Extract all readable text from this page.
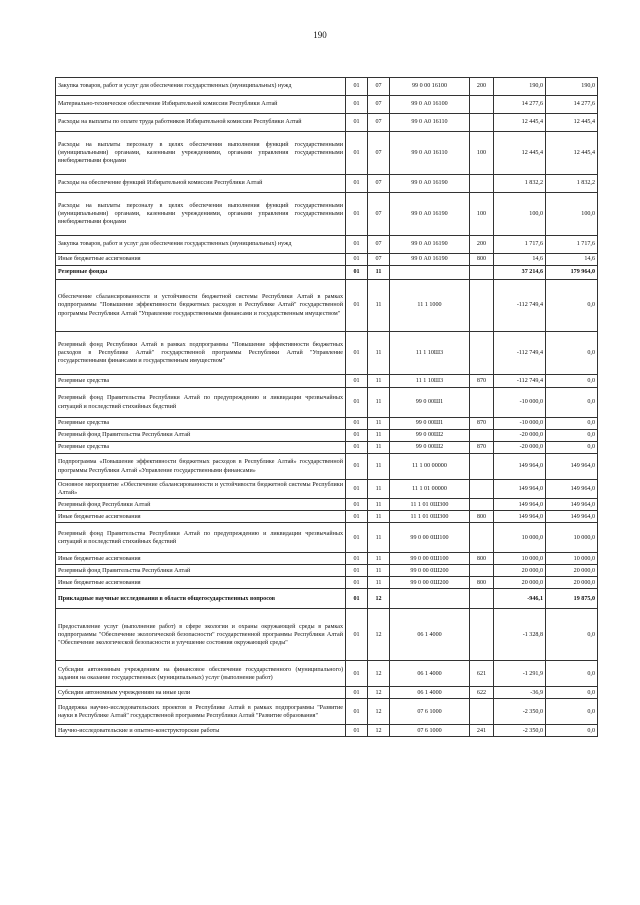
190
Закупка товаров, работ и услуг для обеспечения государственных (муниципальных) нужд	01	07	99 0 00 16100	200	190,0	190,0
Материально-техническое обеспечение Избирательной комиссии Республики Алтай	01	07	99 0 А0 16100		14 277,6	14 277,6
Расходы на выплаты по оплате труда работников Избирательной комиссии Республики Алтай	01	07	99 0 А0 16110		12 445,4	12 445,4
Расходы на выплаты персоналу в целях обеспечения выполнения функций государственными (муниципальными) органами, казенными учреждениями, органами управления государственными внебюджетными фондами	01	07	99 0 А0 16110	100	12 445,4	12 445,4
Расходы на обеспечение функций Избирательной комиссии Республики Алтай	01	07	99 0 А0 16190		1 832,2	1 832,2
Расходы на выплаты персоналу в целях обеспечения выполнения функций государственными (муниципальными) органами, казенными учреждениями, органами управления государственными внебюджетными фондами	01	07	99 0 А0 16190	100	100,0	100,0
Закупка товаров, работ и услуг для обеспечения государственных (муниципальных) нужд	01	07	99 0 А0 16190	200	1 717,6	1 717,6
Иные бюджетные ассигнования	01	07	99 0 А0 16190	800	14,6	14,6
Резервные фонды	01	11			37 214,6	179 964,0
Обеспечение сбалансированности и устойчивости бюджетной системы Республики Алтай в рамках подпрограммы "Повышение эффективности бюджетных расходов в Республике Алтай" государственной программы Республики Алтай "Управление государственными финансами и государственным имуществом"	01	11	11 1 1000		-112 749,4	0,0
Резервный фонд Республики Алтай в рамках подпрограммы "Повышение эффективности бюджетных расходов в Республике Алтай" государственной программы Республики Алтай "Управление государственными финансами и государственным имуществом"	01	11	11 1 10Ш3		-112 749,4	0,0
Резервные средства	01	11	11 1 10Ш3	870	-112 749,4	0,0
Резервный фонд Правительства Республики Алтай по предупреждению и ликвидации чрезвычайных ситуаций и последствий стихийных бедствий	01	11	99 0 00Ш1		-10 000,0	0,0
Резервные средства	01	11	99 0 00Ш1	870	-10 000,0	0,0
Резервный фонд Правительства Республики Алтай	01	11	99 0 00Ш2		-20 000,0	0,0
Резервные средства	01	11	99 0 00Ш2	870	-20 000,0	0,0
Подпрограмма «Повышение эффективности бюджетных расходов в Республике Алтай» государственной программы Республики Алтай «Управление государственными финансами»	01	11	11 1 00 00000		149 964,0	149 964,0
Основное мероприятие «Обеспечение сбалансированности и устойчивости бюджетной системы Республики Алтай»	01	11	11 1 01 00000		149 964,0	149 964,0
Резервный фонд Республики Алтай	01	11	11 1 01 0Ш300		149 964,0	149 964,0
Иные бюджетные ассигнования	01	11	11 1 01 0Ш300	800	149 964,0	149 964,0
Резервный фонд Правительства Республики Алтай по предупреждению и ликвидации чрезвычайных ситуаций и последствий стихийных бедствий	01	11	99 0 00 0Ш100		10 000,0	10 000,0
Иные бюджетные ассигнования	01	11	99 0 00 0Ш100	800	10 000,0	10 000,0
Резервный фонд Правительства Республики Алтай	01	11	99 0 00 0Ш200		20 000,0	20 000,0
Иные бюджетные ассигнования	01	11	99 0 00 0Ш200	800	20 000,0	20 000,0
Прикладные научные исследования в области общегосударственных вопросов	01	12			-946,1	19 875,0
Предоставление услуг (выполнение работ) в сфере экологии и охраны окружающей среды в рамках подпрограммы "Обеспечение экологической безопасности" государственной программы Республики Алтай "Обеспечение экологической безопасности и улучшение состояния окружающей среды"	01	12	06 1 4000		-1 328,8	0,0
Субсидии автономным учреждениям на финансовое обеспечение государственного (муниципального) задания на оказание государственных (муниципальных) услуг (выполнение работ)	01	12	06 1 4000	621	-1 291,9	0,0
Субсидии автономным учреждениям на иные цели	01	12	06 1 4000	622	-36,9	0,0
Поддержка научно-исследовательских проектов в Республике Алтай в рамках подпрограммы "Развитие науки в Республике Алтай" государственной программы Республики Алтай "Развитие образования"	01	12	07 6 1000		-2 350,0	0,0
Научно-исследовательские и опытно-конструкторские работы	01	12	07 6 1000	241	-2 350,0	0,0
